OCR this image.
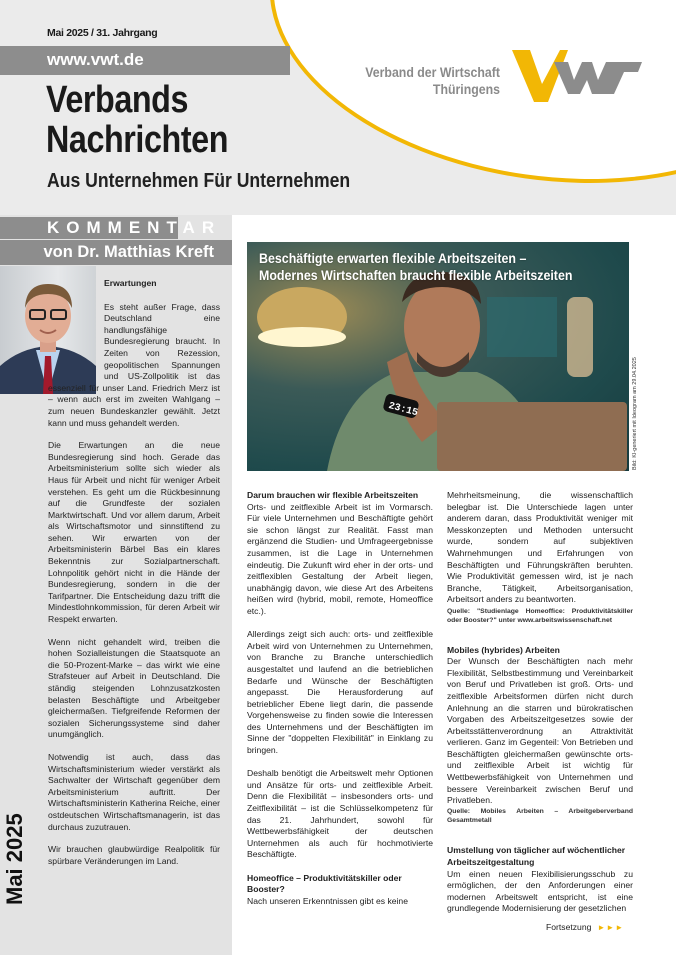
Mai 2025 / 31. Jahrgang
www.vwt.de
Verbands
Nachrichten
Aus Unternehmen Für Unternehmen
Verband der Wirtschaft
Thüringens
KOMMENTAR
von Dr. Matthias Kreft
Erwartungen

Es steht außer Frage, dass Deutschland eine handlungsfähige Bundesregierung braucht. In Zeiten von Rezession, geopolitischen Spannungen und US-Zollpolitik ist das essenziell für unser Land. Friedrich Merz ist – wenn auch erst im zweiten Wahlgang – zum neuen Bundeskanzler gewählt. Jetzt kann und muss gehandelt werden.

Die Erwartungen an die neue Bundesregierung sind hoch. Gerade das Arbeitsministerium sollte sich wieder als Haus für Arbeit und nicht für weniger Arbeit verstehen. Es geht um die Rückbesinnung auf die Grundfeste der sozialen Marktwirtschaft. Und vor allem darum, Arbeit als Wirtschaftsmotor und sinnstiftend zu sehen. Wir erwarten von der Arbeitsministerin Bärbel Bas ein klares Bekenntnis zur Sozialpartnerschaft. Lohnpolitik gehört nicht in die Hände der Bundesregierung, sondern in die der Tarifpartner. Die Entscheidung dazu trifft die Mindestlohnkommission, für deren Arbeit wir Respekt erwarten.

Wenn nicht gehandelt wird, treiben die hohen Sozialleistungen die Staatsquote an die 50-Prozent-Marke – das wirkt wie eine Strafsteuer auf Arbeit in Deutschland. Die ständig steigenden Lohnzusatzkosten belasten Beschäftigte und Arbeitgeber gleichermaßen. Tiefgreifende Reformen der sozialen Sicherungssysteme sind daher unumgänglich.

Notwendig ist auch, dass das Wirtschaftsministerium wieder verstärkt als Sachwalter der Wirtschaft gegenüber dem Arbeitsministerium auftritt. Der Wirtschaftsministerin Katherina Reiche, einer ostdeutschen Wirtschaftsmanagerin, ist das durchaus zuzutrauen.

Wir brauchen glaubwürdige Realpolitik für spürbare Veränderungen im Land.

Mai 2025
23:15
Beschäftigte erwarten flexible Arbeitszeiten –
Modernes Wirtschaften braucht flexible Arbeitszeiten
Bild: KI-generiert mit Ideogram am 29.04.2025
Darum brauchen wir flexible Arbeitszeiten

Orts- und zeitflexible Arbeit ist im Vormarsch. Für viele Unternehmen und Beschäftigte gehört sie schon längst zur Realität. Fasst man ergänzend die Studien- und Umfrageergebnisse zusammen, ist die Lage in Unternehmen eindeutig. Die Zukunft wird eher in der orts- und zeitflexiblen Gestaltung der Arbeit liegen, unabhängig davon, wie diese Art des Arbeitens heißen wird (hybrid, mobil, remote, Homeoffice etc.).

Allerdings zeigt sich auch: orts- und zeitflexible Arbeit wird von Unternehmen zu Unternehmen, von Branche zu Branche unterschiedlich ausgestaltet und laufend an die betrieblichen Bedarfe und Wünsche der Beschäftigten angepasst. Die Herausforderung auf betrieblicher Ebene liegt darin, die passende Vorgehensweise zu finden sowie die Interessen des Unternehmens und der Beschäftigten im Sinne der "doppelten Flexibilität" in Einklang zu bringen.

Deshalb benötigt die Arbeitswelt mehr Optionen und Ansätze für orts- und zeitflexible Arbeit. Denn die Flexibilität – insbesonders orts- und Zeitflexibilität – ist die Schlüsselkompetenz für das 21. Jahrhundert, sowohl für Wettbewerbsfähigkeit der deutschen Unternehmen als auch für hochmotivierte Beschäftigte.

Homeoffice – Produktivitätskiller oder Booster?

Nach unseren Erkenntnissen gibt es keine

Mehrheitsmeinung, die wissenschaftlich belegbar ist. Die Unterschiede lagen unter anderem daran, dass Produktivität weniger mit Messkonzepten und Methoden untersucht wurde, sondern auf subjektiven Wahrnehmungen und Erfahrungen von Beschäftigten und Führungskräften beruhten. Wie Produktivität gemessen wird, ist je nach Branche, Tätigkeit, Arbeitsorganisation, Arbeitsort anders zu beantworten.

Quelle: "Studienlage Homeoffice: Produktivitätskiller oder Booster?" unter www.arbeitswissenschaft.net

Mobiles (hybrides) Arbeiten

Der Wunsch der Beschäftigten nach mehr Flexibilität, Selbstbestimmung und Vereinbarkeit von Beruf und Privatleben ist groß. Orts- und zeitflexible Arbeitsformen dürfen nicht durch Anlehnung an die starren und bürokratischen Vorgaben des Arbeitszeitgesetzes sowie der Arbeitsstättenverordnung an Attraktivität verlieren. Ganz im Gegenteil: Von Betrieben und Beschäftigten gleichermaßen gewünschte orts- und zeitflexible Arbeit ist wichtig für Wettbewerbsfähigkeit von Unternehmen und bessere Vereinbarkeit zwischen Beruf und Privatleben.

Quelle: Mobiles Arbeiten – Arbeitgeberverband Gesamtmetall

Umstellung von täglicher auf wöchentlicher Arbeitszeitgestaltung

Um einen neuen Flexibilisierungsschub zu ermöglichen, der den Anforderungen einer modernen Arbeitswelt entspricht, ist eine grundlegende Modernisierung der gesetzlichen

Fortsetzung ►►►
